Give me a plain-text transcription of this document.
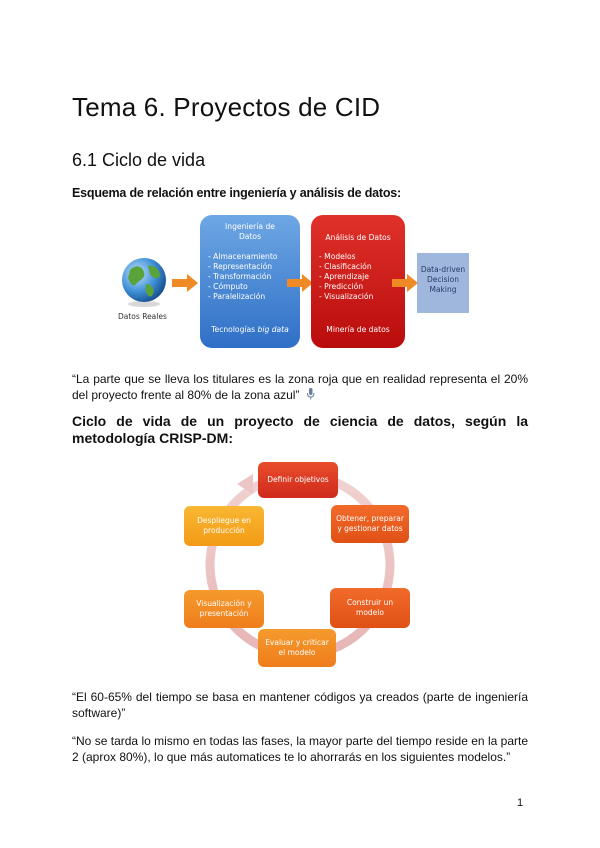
Tema 6. Proyectos de CID
6.1 Ciclo de vida
Esquema de relación entre ingeniería y análisis de datos:
Datos Reales
Ingeniería de
Datos
- Almacenamiento
- Representación
- Transformación
- Cómputo
- Paralelización
Tecnologías big data
Análisis de Datos
- Modelos
- Clasificación
- Aprendizaje
- Predicción
- Visualización
Minería de datos
Data-driven
Decision
Making
“La parte que se lleva los titulares es la zona roja que en realidad representa el 20% del proyecto frente al 80% de la zona azul”
Ciclo de vida de un proyecto de ciencia de datos, según la metodología CRISP-DM:
Definir objetivos
Obtener, preparar y gestionar datos
Construir un modelo
Evaluar y criticar el modelo
Visualización y presentación
Despliegue en producción
“El 60-65% del tiempo se basa en mantener códigos ya creados (parte de ingeniería software)”
“No se tarda lo mismo en todas las fases, la mayor parte del tiempo reside en la parte 2 (aprox 80%), lo que más automatices te lo ahorrarás en los siguientes modelos.”
1
